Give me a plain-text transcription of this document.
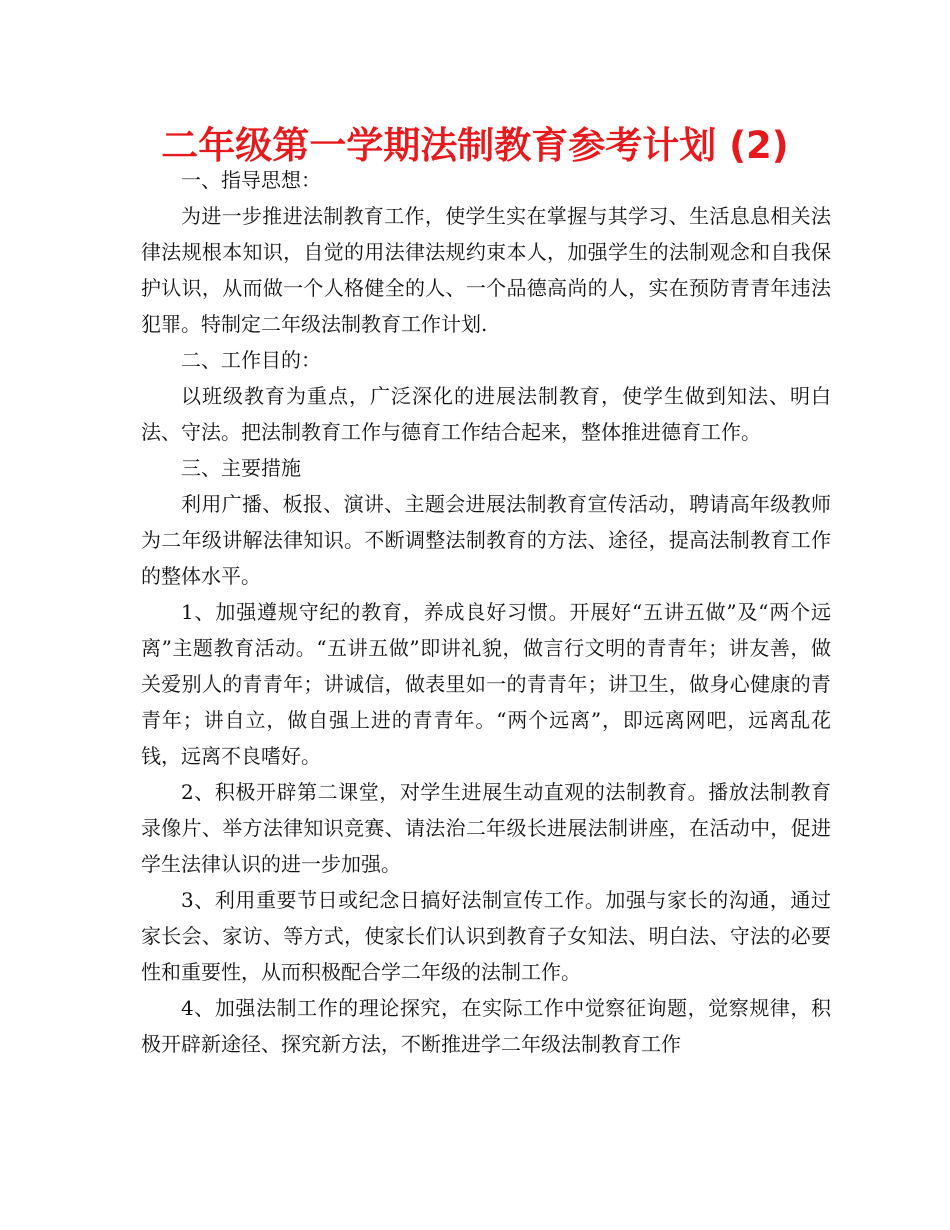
二年级第一学期法制教育参考计划 (2)

一、指导思想：

为进一步推进法制教育工作，使学生实在掌握与其学习、生活息息相关法律法规根本知识，自觉的用法律法规约束本人，加强学生的法制观念和自我保护认识，从而做一个人格健全的人、一个品德高尚的人，实在预防青青年违法犯罪。特制定二年级法制教育工作计划.

二、工作目的：

以班级教育为重点，广泛深化的进展法制教育，使学生做到知法、明白法、守法。把法制教育工作与德育工作结合起来，整体推进德育工作。

三、主要措施

利用广播、板报、演讲、主题会进展法制教育宣传活动，聘请高年级教师为二年级讲解法律知识。不断调整法制教育的方法、途径，提高法制教育工作的整体水平。

1、加强遵规守纪的教育，养成良好习惯。开展好“五讲五做”及“两个远离”主题教育活动。“五讲五做”即讲礼貌，做言行文明的青青年；讲友善，做关爱别人的青青年；讲诚信，做表里如一的青青年；讲卫生，做身心健康的青青年；讲自立，做自强上进的青青年。“两个远离”，即远离网吧，远离乱花钱，远离不良嗜好。

2、积极开辟第二课堂，对学生进展生动直观的法制教育。播放法制教育录像片、举方法律知识竞赛、请法治二年级长进展法制讲座，在活动中，促进学生法律认识的进一步加强。

3、利用重要节日或纪念日搞好法制宣传工作。加强与家长的沟通，通过家长会、家访、等方式，使家长们认识到教育子女知法、明白法、守法的必要性和重要性，从而积极配合学二年级的法制工作。

4、加强法制工作的理论探究，在实际工作中觉察征询题，觉察规律，积极开辟新途径、探究新方法，不断推进学二年级法制教育工作
